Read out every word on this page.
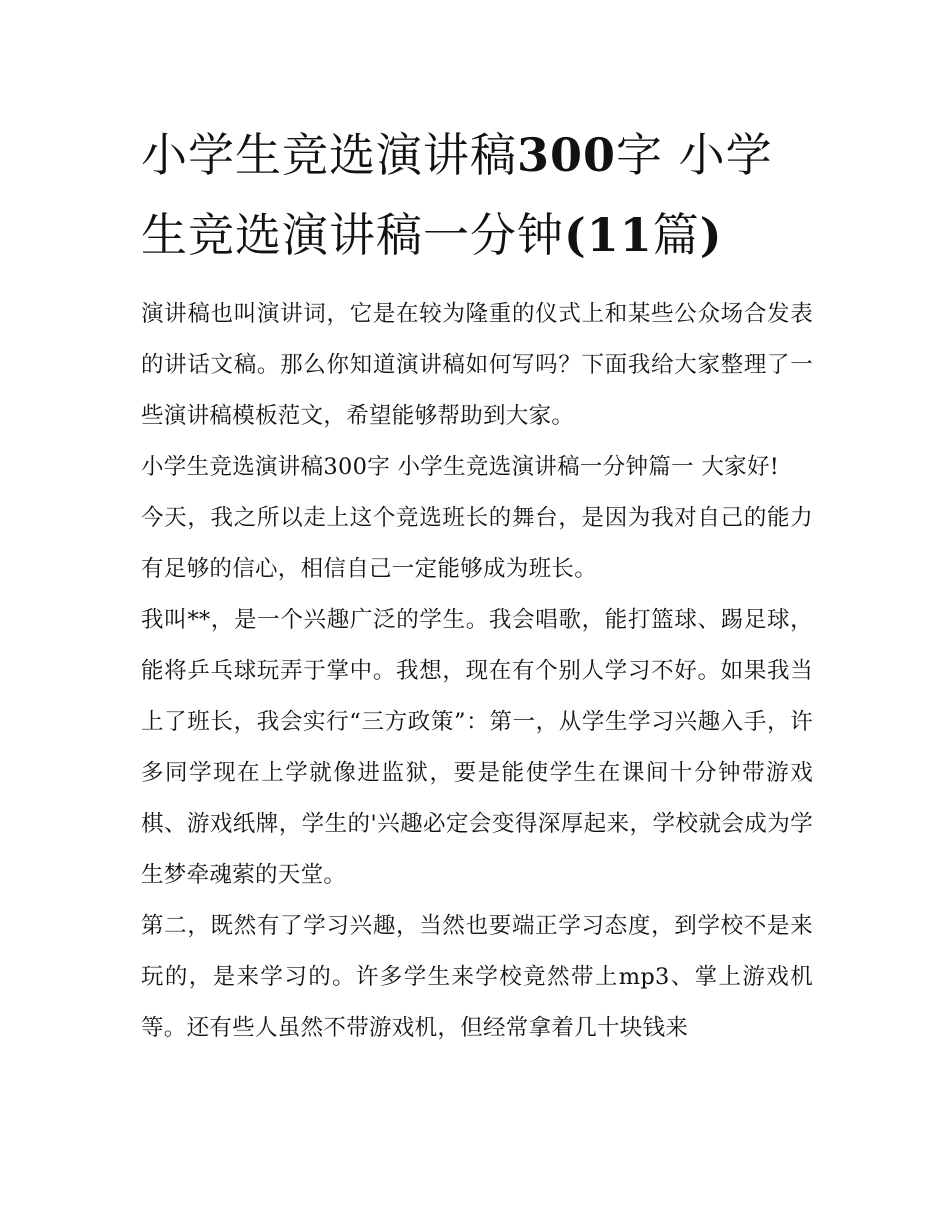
小学生竞选演讲稿300字 小学生竞选演讲稿一分钟(11篇)

演讲稿也叫演讲词，它是在较为隆重的仪式上和某些公众场合发表的讲话文稿。那么你知道演讲稿如何写吗？下面我给大家整理了一些演讲稿模板范文，希望能够帮助到大家。

小学生竞选演讲稿300字 小学生竞选演讲稿一分钟篇一 大家好!

今天，我之所以走上这个竞选班长的舞台，是因为我对自己的能力有足够的信心，相信自己一定能够成为班长。

我叫**，是一个兴趣广泛的学生。我会唱歌，能打篮球、踢足球，能将乒乓球玩弄于掌中。我想，现在有个别人学习不好。如果我当上了班长，我会实行“三方政策”：第一，从学生学习兴趣入手，许多同学现在上学就像进监狱，要是能使学生在课间十分钟带游戏棋、游戏纸牌，学生的'兴趣必定会变得深厚起来，学校就会成为学生梦牵魂萦的天堂。

第二，既然有了学习兴趣，当然也要端正学习态度，到学校不是来玩的，是来学习的。许多学生来学校竟然带上mp3、掌上游戏机等。还有些人虽然不带游戏机，但经常拿着几十块钱来
